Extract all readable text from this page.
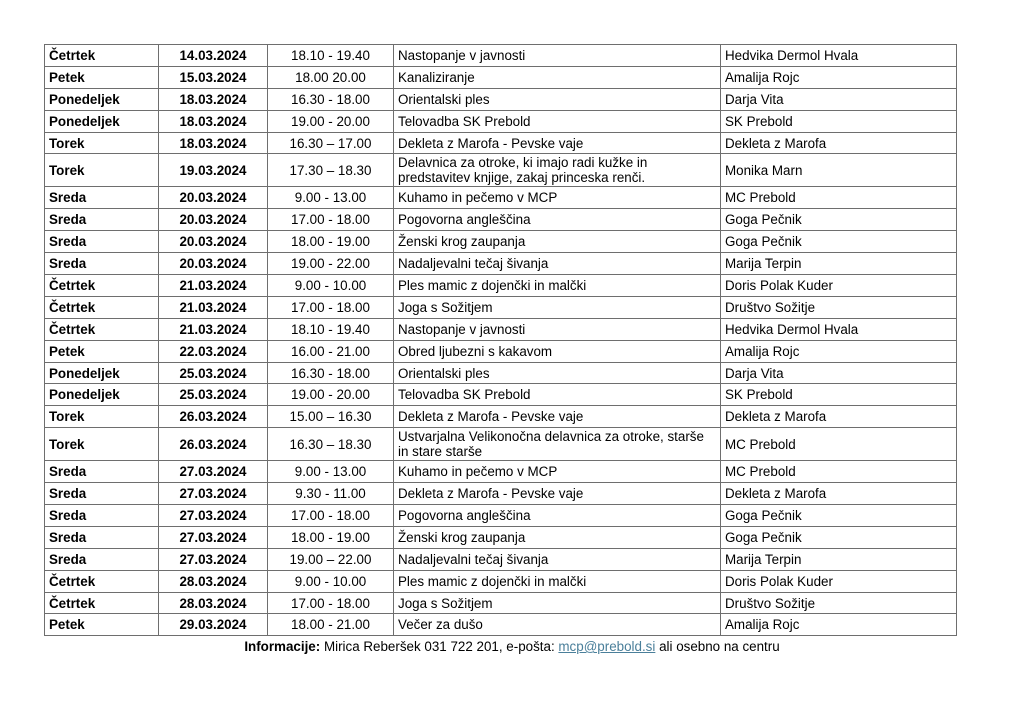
Četrtek	14.03.2024	18.10 - 19.40	Nastopanje v javnosti	Hedvika Dermol Hvala
Petek	15.03.2024	18.00 20.00	Kanaliziranje	Amalija Rojc
Ponedeljek	18.03.2024	16.30 - 18.00	Orientalski ples	Darja Vita
Ponedeljek	18.03.2024	19.00 - 20.00	Telovadba SK Prebold	SK Prebold
Torek	18.03.2024	16.30 – 17.00	Dekleta z Marofa - Pevske vaje	Dekleta z Marofa
Torek	19.03.2024	17.30 – 18.30	Delavnica za otroke, ki imajo radi kužke in predstavitev knjige, zakaj princeska renči.	Monika Marn
Sreda	20.03.2024	9.00 - 13.00	Kuhamo in pečemo v MCP	MC Prebold
Sreda	20.03.2024	17.00 - 18.00	Pogovorna angleščina	Goga Pečnik
Sreda	20.03.2024	18.00 - 19.00	Ženski krog zaupanja	Goga Pečnik
Sreda	20.03.2024	19.00 - 22.00	Nadaljevalni tečaj šivanja	Marija Terpin
Četrtek	21.03.2024	9.00 - 10.00	Ples mamic z dojenčki in malčki	Doris Polak Kuder
Četrtek	21.03.2024	17.00 - 18.00	Joga s Sožitjem	Društvo Sožitje
Četrtek	21.03.2024	18.10 - 19.40	Nastopanje v javnosti	Hedvika Dermol Hvala
Petek	22.03.2024	16.00 - 21.00	Obred ljubezni s kakavom	Amalija Rojc
Ponedeljek	25.03.2024	16.30 - 18.00	Orientalski ples	Darja Vita
Ponedeljek	25.03.2024	19.00 - 20.00	Telovadba SK Prebold	SK Prebold
Torek	26.03.2024	15.00 – 16.30	Dekleta z Marofa - Pevske vaje	Dekleta z Marofa
Torek	26.03.2024	16.30 – 18.30	Ustvarjalna Velikonočna delavnica za otroke, starše in stare starše	MC Prebold
Sreda	27.03.2024	9.00 - 13.00	Kuhamo in pečemo v MCP	MC Prebold
Sreda	27.03.2024	9.30 - 11.00	Dekleta z Marofa - Pevske vaje	Dekleta z Marofa
Sreda	27.03.2024	17.00 - 18.00	Pogovorna angleščina	Goga Pečnik
Sreda	27.03.2024	18.00 - 19.00	Ženski krog zaupanja	Goga Pečnik
Sreda	27.03.2024	19.00 – 22.00	Nadaljevalni tečaj šivanja	Marija Terpin
Četrtek	28.03.2024	9.00 - 10.00	Ples mamic z dojenčki in malčki	Doris Polak Kuder
Četrtek	28.03.2024	17.00 - 18.00	Joga s Sožitjem	Društvo Sožitje
Petek	29.03.2024	18.00 - 21.00	Večer za dušo	Amalija Rojc
Informacije: Mirica Reberšek 031 722 201, e-pošta: mcp@prebold.si ali osebno na centru
